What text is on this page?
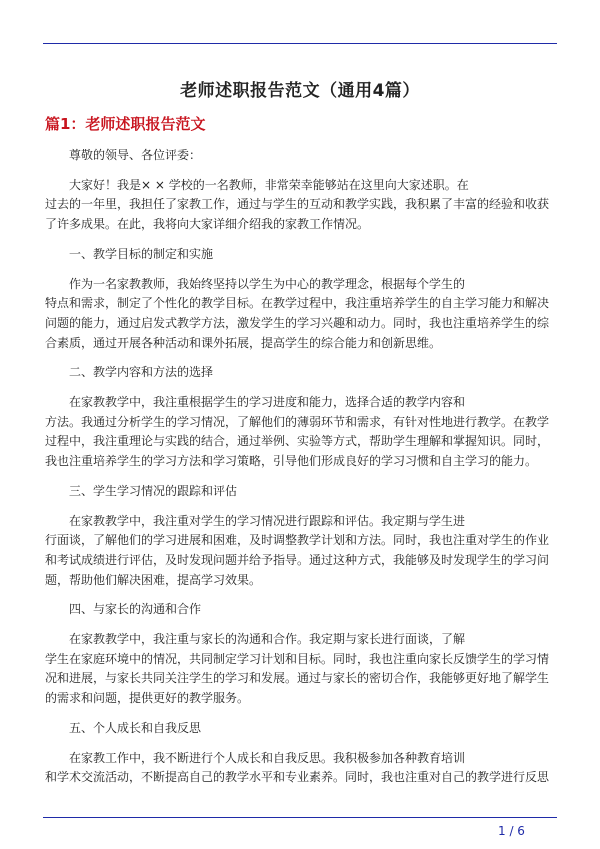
老师述职报告范文（通用4篇）
篇1：老师述职报告范文

尊敬的领导、各位评委：

大家好！我是× × 学校的一名教师，非常荣幸能够站在这里向大家述职。在

过去的一年里，我担任了家教工作，通过与学生的互动和教学实践，我积累了丰富的经验和收获

了许多成果。在此，我将向大家详细介绍我的家教工作情况。

一、教学目标的制定和实施

作为一名家教教师，我始终坚持以学生为中心的教学理念，根据每个学生的

特点和需求，制定了个性化的教学目标。在教学过程中，我注重培养学生的自主学习能力和解决

问题的能力，通过启发式教学方法，激发学生的学习兴趣和动力。同时，我也注重培养学生的综

合素质，通过开展各种活动和课外拓展，提高学生的综合能力和创新思维。

二、教学内容和方法的选择

在家教教学中，我注重根据学生的学习进度和能力，选择合适的教学内容和

方法。我通过分析学生的学习情况，了解他们的薄弱环节和需求，有针对性地进行教学。在教学

过程中，我注重理论与实践的结合，通过举例、实验等方式，帮助学生理解和掌握知识。同时，

我也注重培养学生的学习方法和学习策略，引导他们形成良好的学习习惯和自主学习的能力。

三、学生学习情况的跟踪和评估

在家教教学中，我注重对学生的学习情况进行跟踪和评估。我定期与学生进

行面谈，了解他们的学习进展和困难，及时调整教学计划和方法。同时，我也注重对学生的作业

和考试成绩进行评估，及时发现问题并给予指导。通过这种方式，我能够及时发现学生的学习问

题，帮助他们解决困难，提高学习效果。

四、与家长的沟通和合作

在家教教学中，我注重与家长的沟通和合作。我定期与家长进行面谈，了解

学生在家庭环境中的情况，共同制定学习计划和目标。同时，我也注重向家长反馈学生的学习情

况和进展，与家长共同关注学生的学习和发展。通过与家长的密切合作，我能够更好地了解学生

的需求和问题，提供更好的教学服务。

五、个人成长和自我反思

在家教工作中，我不断进行个人成长和自我反思。我积极参加各种教育培训

和学术交流活动，不断提高自己的教学水平和专业素养。同时，我也注重对自己的教学进行反思

1 / 6
